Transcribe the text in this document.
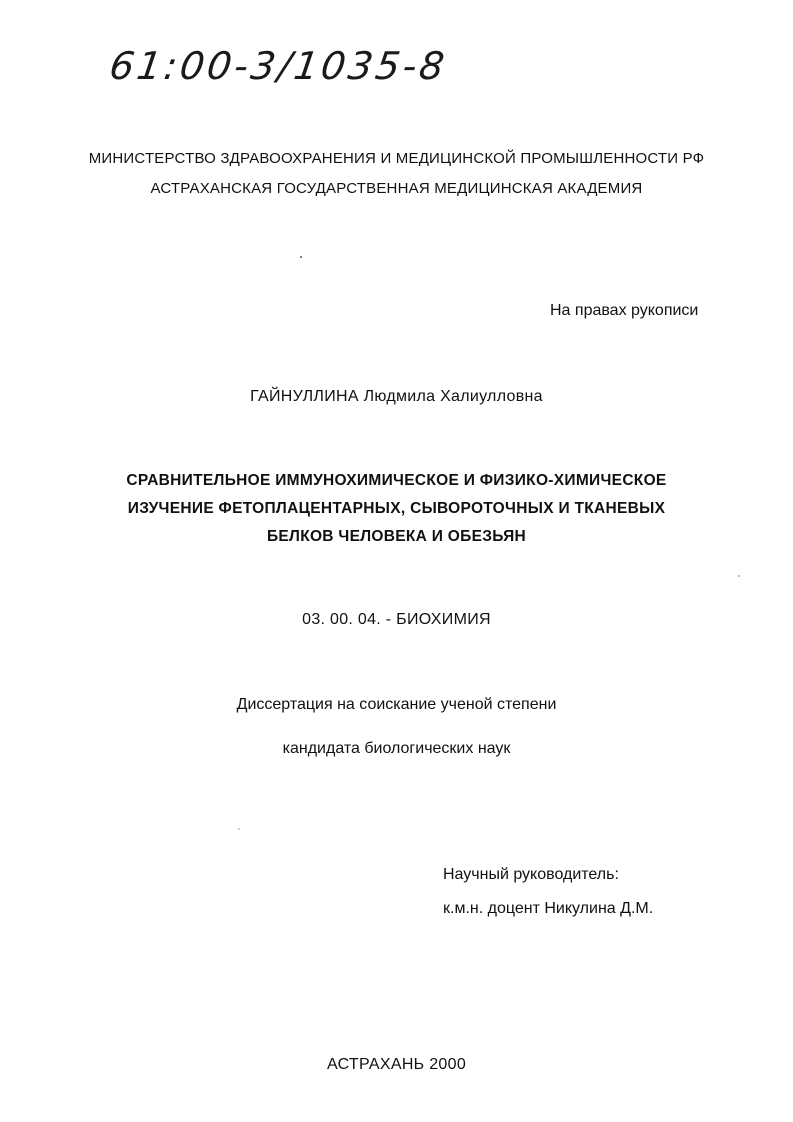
61:00-3/1035-8
МИНИСТЕРСТВО ЗДРАВООХРАНЕНИЯ И МЕДИЦИНСКОЙ ПРОМЫШЛЕННОСТИ РФ
АСТРАХАНСКАЯ ГОСУДАРСТВЕННАЯ МЕДИЦИНСКАЯ АКАДЕМИЯ
На правах рукописи
ГАЙНУЛЛИНА Людмила Халиулловна
СРАВНИТЕЛЬНОЕ ИММУНОХИМИЧЕСКОЕ И ФИЗИКО-ХИМИЧЕСКОЕ
ИЗУЧЕНИЕ ФЕТОПЛАЦЕНТАРНЫХ, СЫВОРОТОЧНЫХ И ТКАНЕВЫХ
БЕЛКОВ ЧЕЛОВЕКА И ОБЕЗЬЯН
03. 00. 04. - БИОХИМИЯ
Диссертация на соискание ученой степени
кандидата биологических наук
Научный руководитель:
к.м.н. доцент Никулина Д.М.
АСТРАХАНЬ 2000
